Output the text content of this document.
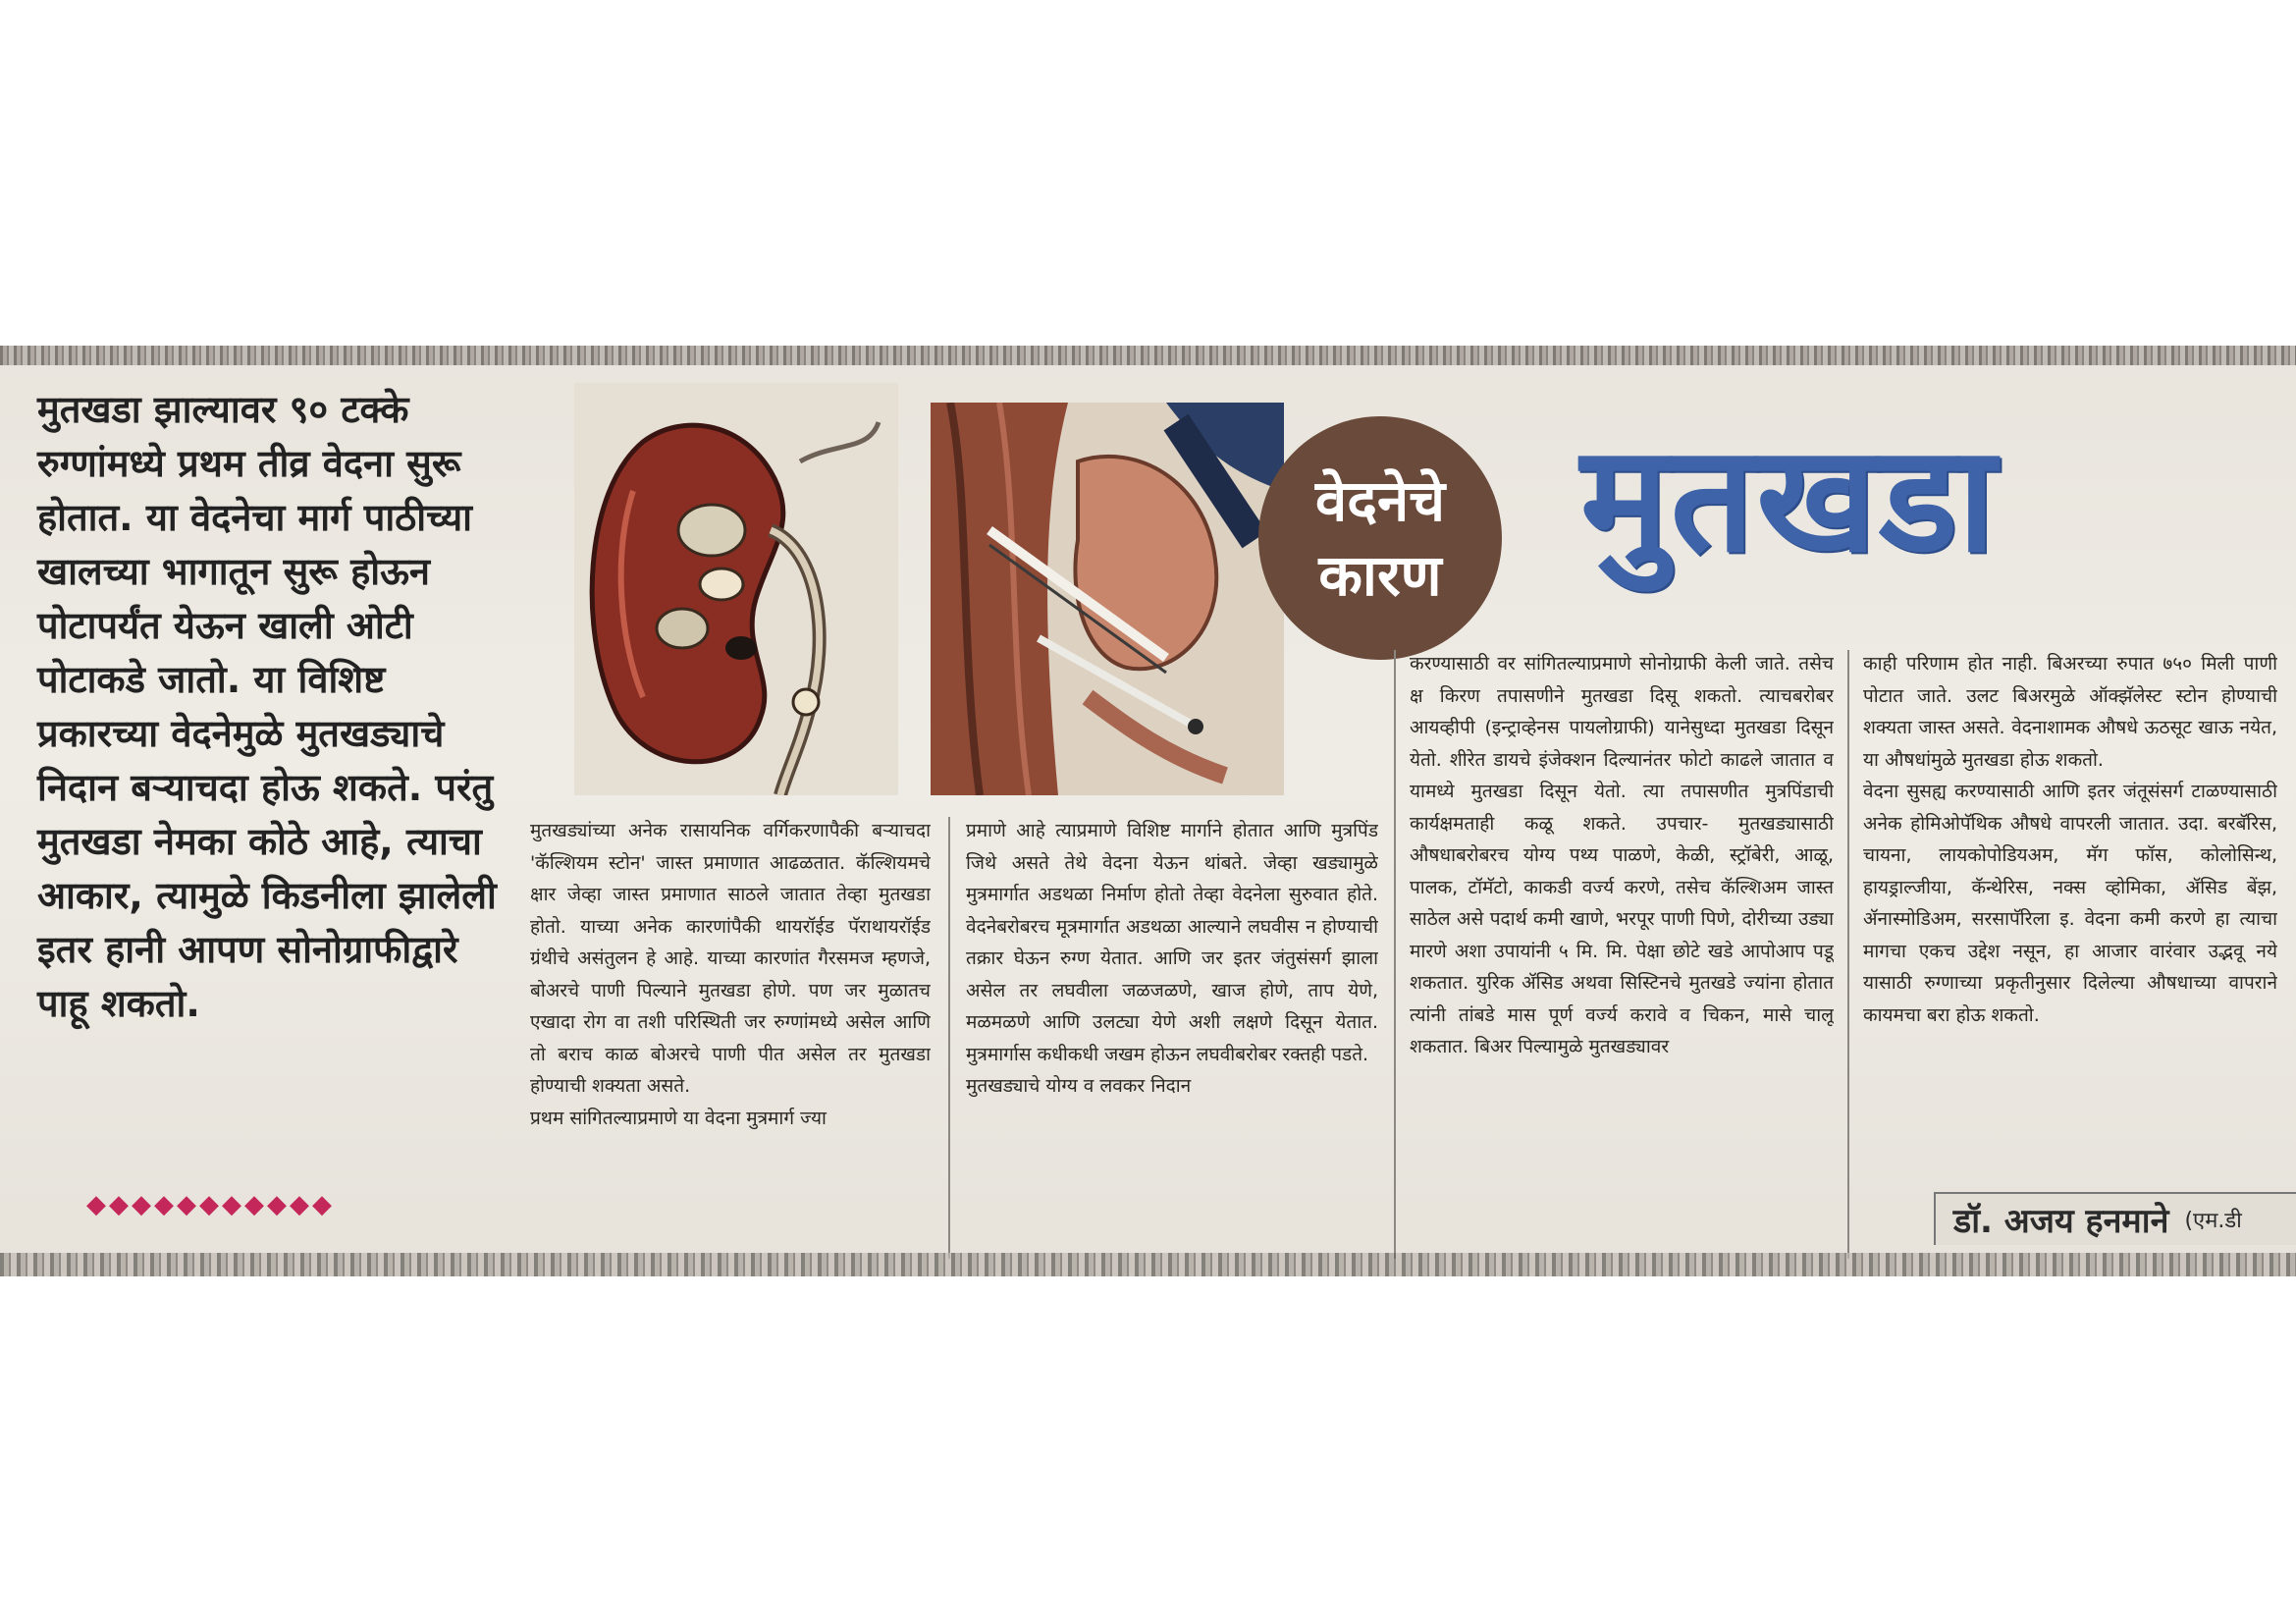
मुतखडा झाल्यावर ९० टक्के रुग्णांमध्ये प्रथम तीव्र वेदना सुरू होतात. या वेदनेचा मार्ग पाठीच्या खालच्या भागातून सुरू होऊन पोटापर्यंत येऊन खाली ओटी पोटाकडे जातो. या विशिष्ट प्रकारच्या वेदनेमुळे मुतखड्याचे निदान बऱ्याचदा होऊ शकते. परंतु मुतखडा नेमका कोठे आहे, त्याचा आकार, त्यामुळे किडनीला झालेली इतर हानी आपण सोनोग्राफीद्वारे पाहू शकतो.

◆◆◆◆◆◆◆◆◆◆◆
वेदनेचे
कारण मुतखडा

मुतखड्यांच्या अनेक रासायनिक वर्गिकरणापैकी बऱ्याचदा 'कॅल्शियम स्टोन' जास्त प्रमाणात आढळतात. कॅल्शियमचे क्षार जेव्हा जास्त प्रमाणात साठले जातात तेव्हा मुतखडा होतो. याच्या अनेक कारणांपैकी थायरॉईड पॅराथायरॉईड ग्रंथीचे असंतुलन हे आहे. याच्या कारणांत गैरसमज म्हणजे, बोअरचे पाणी पिल्याने मुतखडा होणे. पण जर मुळातच एखादा रोग वा तशी परिस्थिती जर रुग्णांमध्ये असेल आणि तो बराच काळ बोअरचे पाणी पीत असेल तर मुतखडा होण्याची शक्यता असते.

प्रथम सांगितल्याप्रमाणे या वेदना मुत्रमार्ग ज्या

प्रमाणे आहे त्याप्रमाणे विशिष्ट मार्गाने होतात आणि मुत्रपिंड जिथे असते तेथे वेदना येऊन थांबते. जेव्हा खड्यामुळे मुत्रमार्गात अडथळा निर्माण होतो तेव्हा वेदनेला सुरुवात होते. वेदनेबरोबरच मूत्रमार्गात अडथळा आल्याने लघवीस न होण्याची तक्रार घेऊन रुग्ण येतात. आणि जर इतर जंतुसंसर्ग झाला असेल तर लघवीला जळजळणे, खाज होणे, ताप येणे, मळमळणे आणि उलट्या येणे अशी लक्षणे दिसून येतात. मुत्रमार्गास कधीकधी जखम होऊन लघवीबरोबर रक्तही पडते.

मुतखड्याचे योग्य व लवकर निदान

करण्यासाठी वर सांगितल्याप्रमाणे सोनोग्राफी केली जाते. तसेच क्ष किरण तपासणीने मुतखडा दिसू शकतो. त्याचबरोबर आयव्हीपी (इन्ट्राव्हेनस पायलोग्राफी) यानेसुध्दा मुतखडा दिसून येतो. शीरेत डायचे इंजेक्शन दिल्यानंतर फोटो काढले जातात व यामध्ये मुतखडा दिसून येतो. त्या तपासणीत मुत्रपिंडाची कार्यक्षमताही कळू शकते. उपचार- मुतखड्यासाठी औषधाबरोबरच योग्य पथ्य पाळणे, केळी, स्ट्रॉबेरी, आळू, पालक, टॉमॅटो, काकडी वर्ज्य करणे, तसेच कॅल्शिअम जास्त साठेल असे पदार्थ कमी खाणे, भरपूर पाणी पिणे, दोरीच्या उड्या मारणे अशा उपायांनी ५ मि. मि. पेक्षा छोटे खडे आपोआप पडू शकतात. युरिक ॲसिड अथवा सिस्टिनचे मुतखडे ज्यांना होतात त्यांनी तांबडे मास पूर्ण वर्ज्य करावे व चिकन, मासे चालू शकतात. बिअर पिल्यामुळे मुतखड्यावर

काही परिणाम होत नाही. बिअरच्या रुपात ७५० मिली पाणी पोटात जाते. उलट बिअरमुळे ऑक्झॅलेस्ट स्टोन होण्याची शक्यता जास्त असते. वेदनाशामक औषधे ऊठसूट खाऊ नयेत, या औषधांमुळे मुतखडा होऊ शकतो.

वेदना सुसह्य करण्यासाठी आणि इतर जंतूसंसर्ग टाळण्यासाठी अनेक होमिओपॅथिक औषधे वापरली जातात. उदा. बरबॅरिस, चायना, लायकोपोडियअम, मॅग फॉस, कोलोसिन्थ, हायड्राल्जीया, कॅन्थेरिस, नक्स व्होमिका, ॲसिड बेंझ, ॲनास्मोडिअम, सरसापॅरिला इ. वेदना कमी करणे हा त्याचा मागचा एकच उद्देश नसून, हा आजार वारंवार उद्भवू नये यासाठी रुग्णाच्या प्रकृतीनुसार दिलेल्या औषधाच्या वापराने कायमचा बरा होऊ शकतो.

डॉ. अजय हनमाने (एम.डी
